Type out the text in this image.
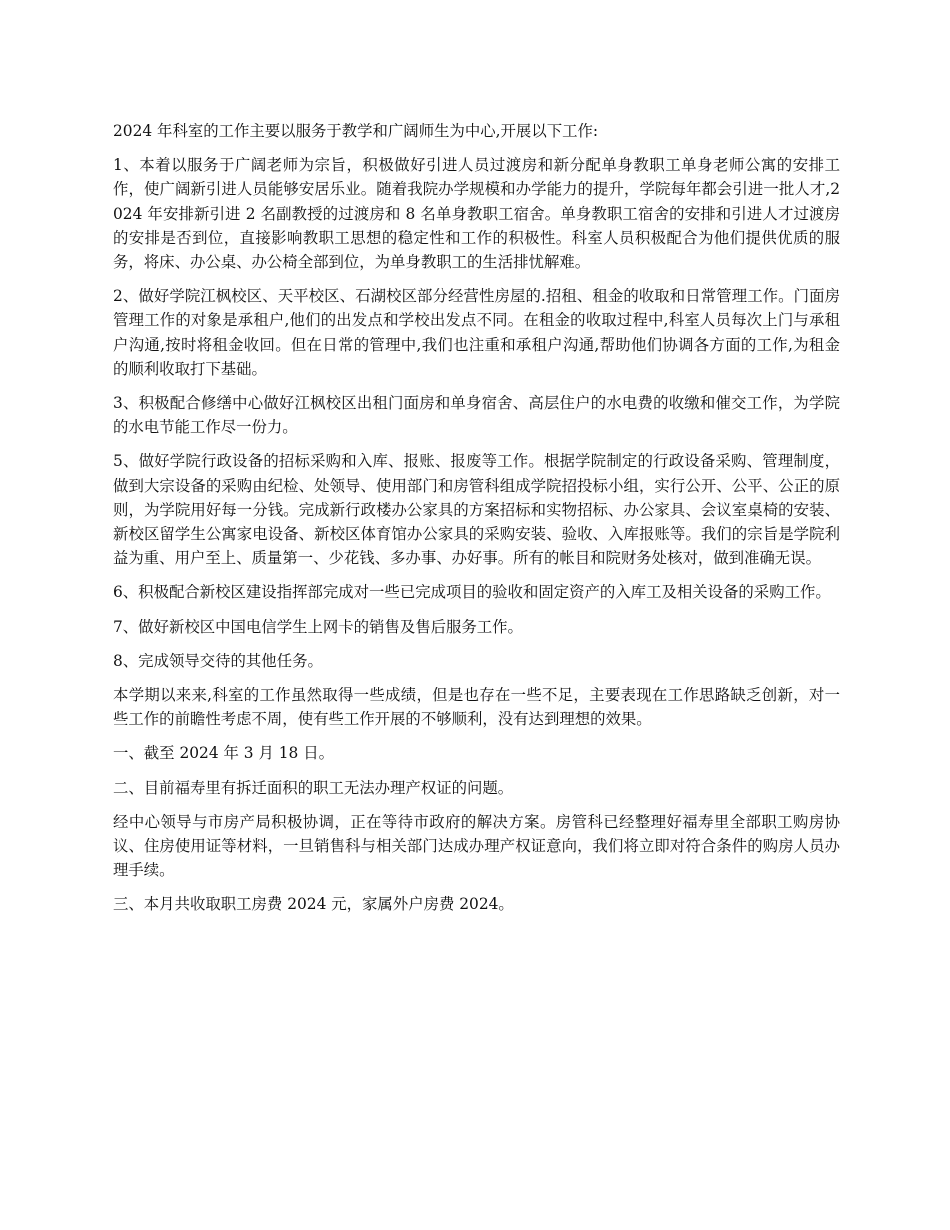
2024 年科室的工作主要以服务于教学和广阔师生为中心,开展以下工作:

1、本着以服务于广阔老师为宗旨，积极做好引进人员过渡房和新分配单身教职工单身老师公寓的安排工作，使广阔新引进人员能够安居乐业。随着我院办学规模和办学能力的提升，学院每年都会引进一批人才,2024 年安排新引进 2 名副教授的过渡房和 8 名单身教职工宿舍。单身教职工宿舍的安排和引进人才过渡房的安排是否到位，直接影响教职工思想的稳定性和工作的积极性。科室人员积极配合为他们提供优质的服务，将床、办公桌、办公椅全部到位，为单身教职工的生活排忧解难。

2、做好学院江枫校区、天平校区、石湖校区部分经营性房屋的.招租、租金的收取和日常管理工作。门面房管理工作的对象是承租户,他们的出发点和学校出发点不同。在租金的收取过程中,科室人员每次上门与承租户沟通,按时将租金收回。但在日常的管理中,我们也注重和承租户沟通,帮助他们协调各方面的工作,为租金的顺利收取打下基础。

3、积极配合修缮中心做好江枫校区出租门面房和单身宿舍、高层住户的水电费的收缴和催交工作，为学院的水电节能工作尽一份力。

5、做好学院行政设备的招标采购和入库、报账、报废等工作。根据学院制定的行政设备采购、管理制度，做到大宗设备的采购由纪检、处领导、使用部门和房管科组成学院招投标小组，实行公开、公平、公正的原则，为学院用好每一分钱。完成新行政楼办公家具的方案招标和实物招标、办公家具、会议室桌椅的安装、新校区留学生公寓家电设备、新校区体育馆办公家具的采购安装、验收、入库报账等。我们的宗旨是学院利益为重、用户至上、质量第一、少花钱、多办事、办好事。所有的帐目和院财务处核对，做到准确无误。

6、积极配合新校区建设指挥部完成对一些已完成项目的验收和固定资产的入库工及相关设备的采购工作。

7、做好新校区中国电信学生上网卡的销售及售后服务工作。

8、完成领导交待的其他任务。

本学期以来来,科室的工作虽然取得一些成绩，但是也存在一些不足，主要表现在工作思路缺乏创新，对一些工作的前瞻性考虑不周，使有些工作开展的不够顺利，没有达到理想的效果。

一、截至 2024 年 3 月 18 日。

二、目前福寿里有拆迁面积的职工无法办理产权证的问题。

经中心领导与市房产局积极协调，正在等待市政府的解决方案。房管科已经整理好福寿里全部职工购房协议、住房使用证等材料，一旦销售科与相关部门达成办理产权证意向，我们将立即对符合条件的购房人员办理手续。

三、本月共收取职工房费 2024 元，家属外户房费 2024。
